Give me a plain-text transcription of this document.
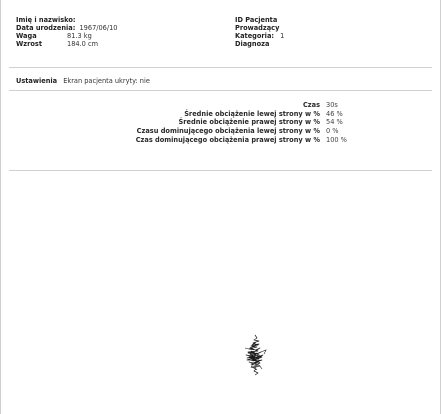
Imię i nazwisko:
Data urodzenia: 1967/06/10
Waga	81.3 kg
Wzrost	184.0 cm
ID Pacjenta
Prowadzący
Kategoria: 1
Diagnoza
Ustawienia Ekran pacjenta ukryty: nie
Czas 30s
Średnie obciążenie lewej strony w % 46 %
Średnie obciążenie prawej strony w % 54 %
Czasu dominującego obciążenia lewej strony w % 0 %
Czas dominującego obciążenia prawej strony w % 100 %
